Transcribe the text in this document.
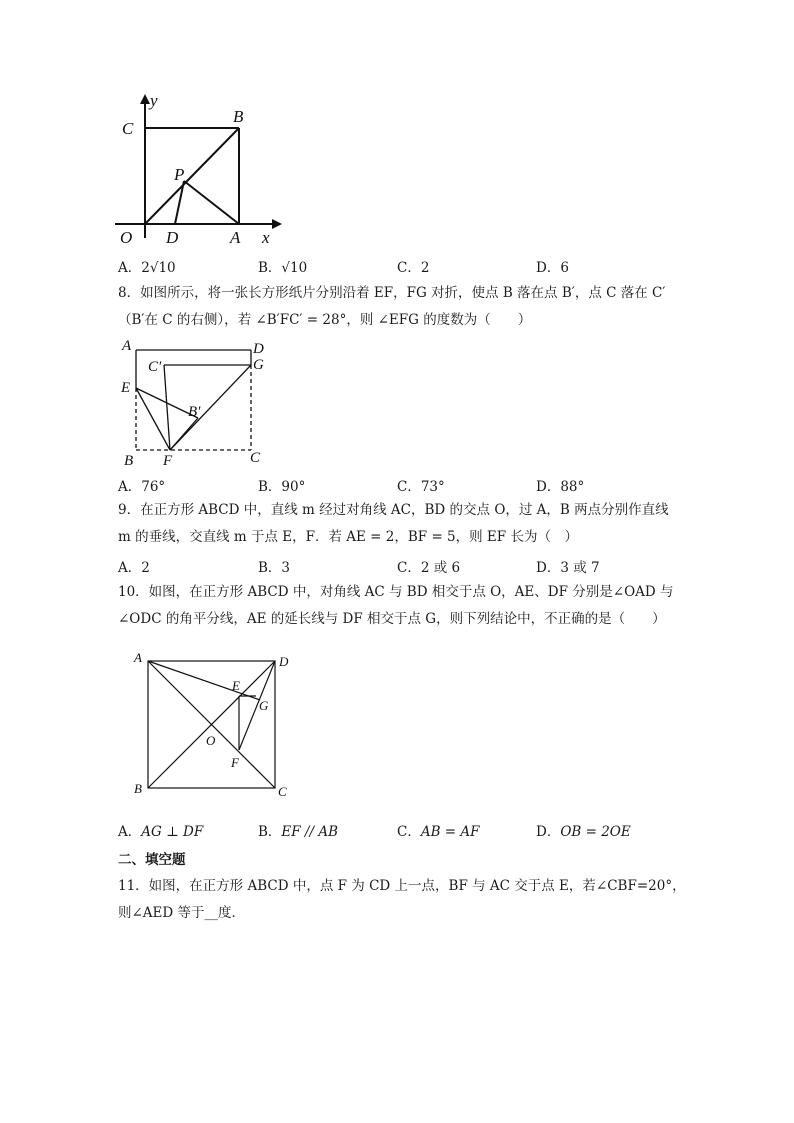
y
C
B
P
O D	A x
A．2√10	B．√10	C．2	D．6
8．如图所示，将一张长方形纸片分别沿着 EF，FG 对折，使点 B 落在点 B′，点 C 落在 C′
（B′在 C 的右侧），若 ∠B′FC′ = 28°，则 ∠EFG 的度数为（　　）
A	D
G
C′
E
B′
B F	C
A．76°	B．90°	C．73°	D．88°
9．在正方形 ABCD 中，直线 m 经过对角线 AC，BD 的交点 O，过 A，B 两点分别作直线
m 的垂线，交直线 m 于点 E，F．若 AE = 2，BF = 5，则 EF 长为（　）
A．2	B．3	C．2 或 6	D．3 或 7
10．如图，在正方形 ABCD 中，对角线 AC 与 BD 相交于点 O，AE、DF 分别是∠OAD 与
∠ODC 的角平分线，AE 的延长线与 DF 相交于点 G，则下列结论中，不正确的是（　　）
A	D
E
G
O
F
B	C
A．AG ⊥ DF	B．EF // AB	C．AB = AF	D．OB = 2OE
二、填空题
11．如图，在正方形 ABCD 中，点 F 为 CD 上一点，BF 与 AC 交于点 E，若∠CBF=20°，
则∠AED 等于__度．
